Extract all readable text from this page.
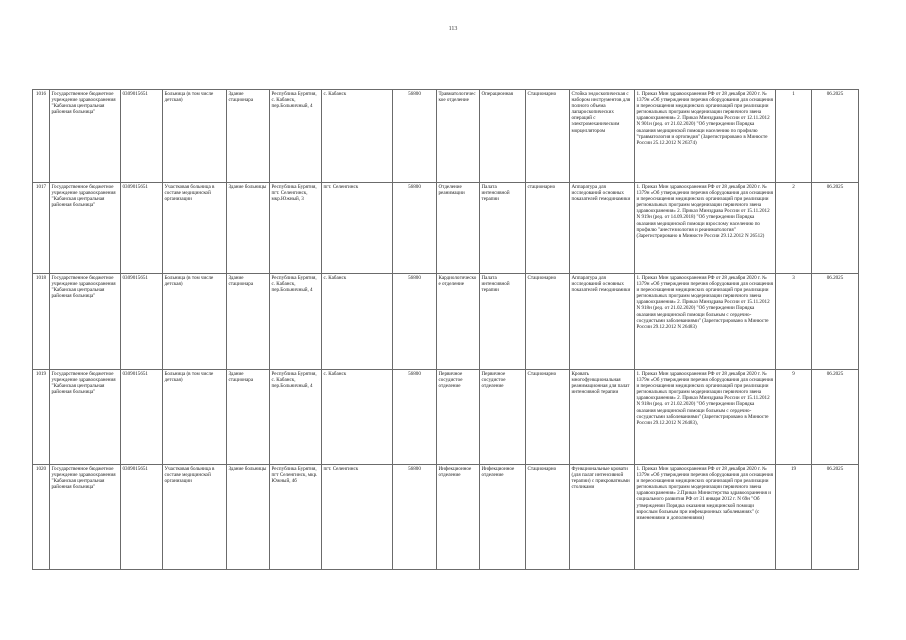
113
1016	Государственное бюджетное учреждение здравоохранения "Кабанская центральная районная больница"	0309015651	Больница (в том числе детская)	Здание стационара	Республика Бурятия, с. Кабанск, пер.Больничный, 4	с. Кабанск	56800	Травматологическое отделение	Операционная	Стационарно	Стойка эндоскопическая с набором инструментов для полного объема лапароскопических операций с электромеханическим морцеллятором	1. Приказ Мин здравоохранения РФ от 28 декабря 2020 г. № 1379н «Об утверждении перечня оборудования для оснащения и переоснащения медицинских организаций при реализации региональных программ модернизации первичного звена здравоохранения» 2. Приказ Минздрава России от 12.11.2012 N 901н (ред. от 21.02.2020) "Об утверждении Порядка оказания медицинской помощи населению по профилю "травматология и ортопедия" (Зарегистрировано в Минюсте России 25.12.2012 N 26374)	1	06.2025
1017	Государственное бюджетное учреждение здравоохранения "Кабанская центральная районная больница"	0309015651	Участковая больница в составе медицинской организации	Здание больницы	Республика Бурятия, пгт. Селенгинск, мкр.Южный, 3	пгт. Селенгинск	56800	Отделение реанимации	Палата интенсивной терапии	стационарно	Аппаратура для исследований основных показателей гемодинамики	1. Приказ Мин здравоохранения РФ от 28 декабря 2020 г. № 1379н «Об утверждении перечня оборудования для оснащения и переоснащения медицинских организаций при реализации региональных программ модернизации первичного звена здравоохранения» 2. Приказ Минздрава России от 15.11.2012 N 919н (ред. от 14.09.2018) "Об утверждении Порядка оказания медицинской помощи взрослому населению по профилю "анестезиология и реаниматология" (Зарегистрировано в Минюсте России 29.12.2012 N 26512)	2	06.2025
1018	Государственное бюджетное учреждение здравоохранения "Кабанская центральная районная больница"	0309015651	Больница (в том числе детская)	Здание стационара	Республика Бурятия, с. Кабанск, пер.Больничный, 4	с. Кабанск	56800	Кардиологическое отделение	Палата интенсивной терапии	Стационарно	Аппаратура для исследований основных показателей гемодинамики	1. Приказ Мин здравоохранения РФ от 28 декабря 2020 г. № 1379н «Об утверждении перечня оборудования для оснащения и переоснащения медицинских организаций при реализации региональных программ модернизации первичного звена здравоохранения» 2. Приказ Минздрава России от 15.11.2012 N 918н (ред. от 21.02.2020) "Об утверждении Порядка оказания медицинской помощи больным с сердечно-сосудистыми заболеваниями" (Зарегистрировано в Минюсте России 29.12.2012 N 26483)	3	06.2025
1019	Государственное бюджетное учреждение здравоохранения "Кабанская центральная районная больница"	0309015651	Больница (в том числе детская)	Здание стационара	Республика Бурятия, с. Кабанск, пер.Больничный, 4	с. Кабанск	56800	Первичное сосудистое отделение	Первичное сосудистое отделение	Стационарно	Кровать многофункциональная реанимационная для палат интенсивной терапии	1. Приказ Мин здравоохранения РФ от 28 декабря 2020 г. № 1379н «Об утверждении перечня оборудования для оснащения и переоснащения медицинских организаций при реализации региональных программ модернизации первичного звена здравоохранения» 2. Приказ Минздрава России от 15.11.2012 N 918н (ред. от 21.02.2020) "Об утверждении Порядка оказания медицинской помощи больным с сердечно-сосудистыми заболеваниями" (Зарегистрировано в Минюсте России 29.12.2012 N 26483),	9	06.2025
1020	Государственное бюджетное учреждение здравоохранения "Кабанская центральная районная больница"	0309015651	Участковая больница в составе медицинской организации	Здание больницы	Республика Бурятия, пгт Селенгинск, мкр. Южный, 4б	пгт. Селенгинск	56800	Инфекционное отделение	Инфекционное отделение	Стационарно	Функциональные кровати (для палат интенсивной терапии) с прикроватными столиками	1. Приказ Мин здравоохранения РФ от 28 декабря 2020 г. № 1379н «Об утверждении перечня оборудования для оснащения и переоснащения медицинских организаций при реализации региональных программ модернизации первичного звена здравоохранения» 2.Приказ Министерства здравоохранения и социального развития РФ от 31 января 2012 г. N 69н "Об утверждении Порядка оказания медицинской помощи взрослым больным при инфекционных заболеваниях" (с изменениями и дополнениями)	19	06.2025
